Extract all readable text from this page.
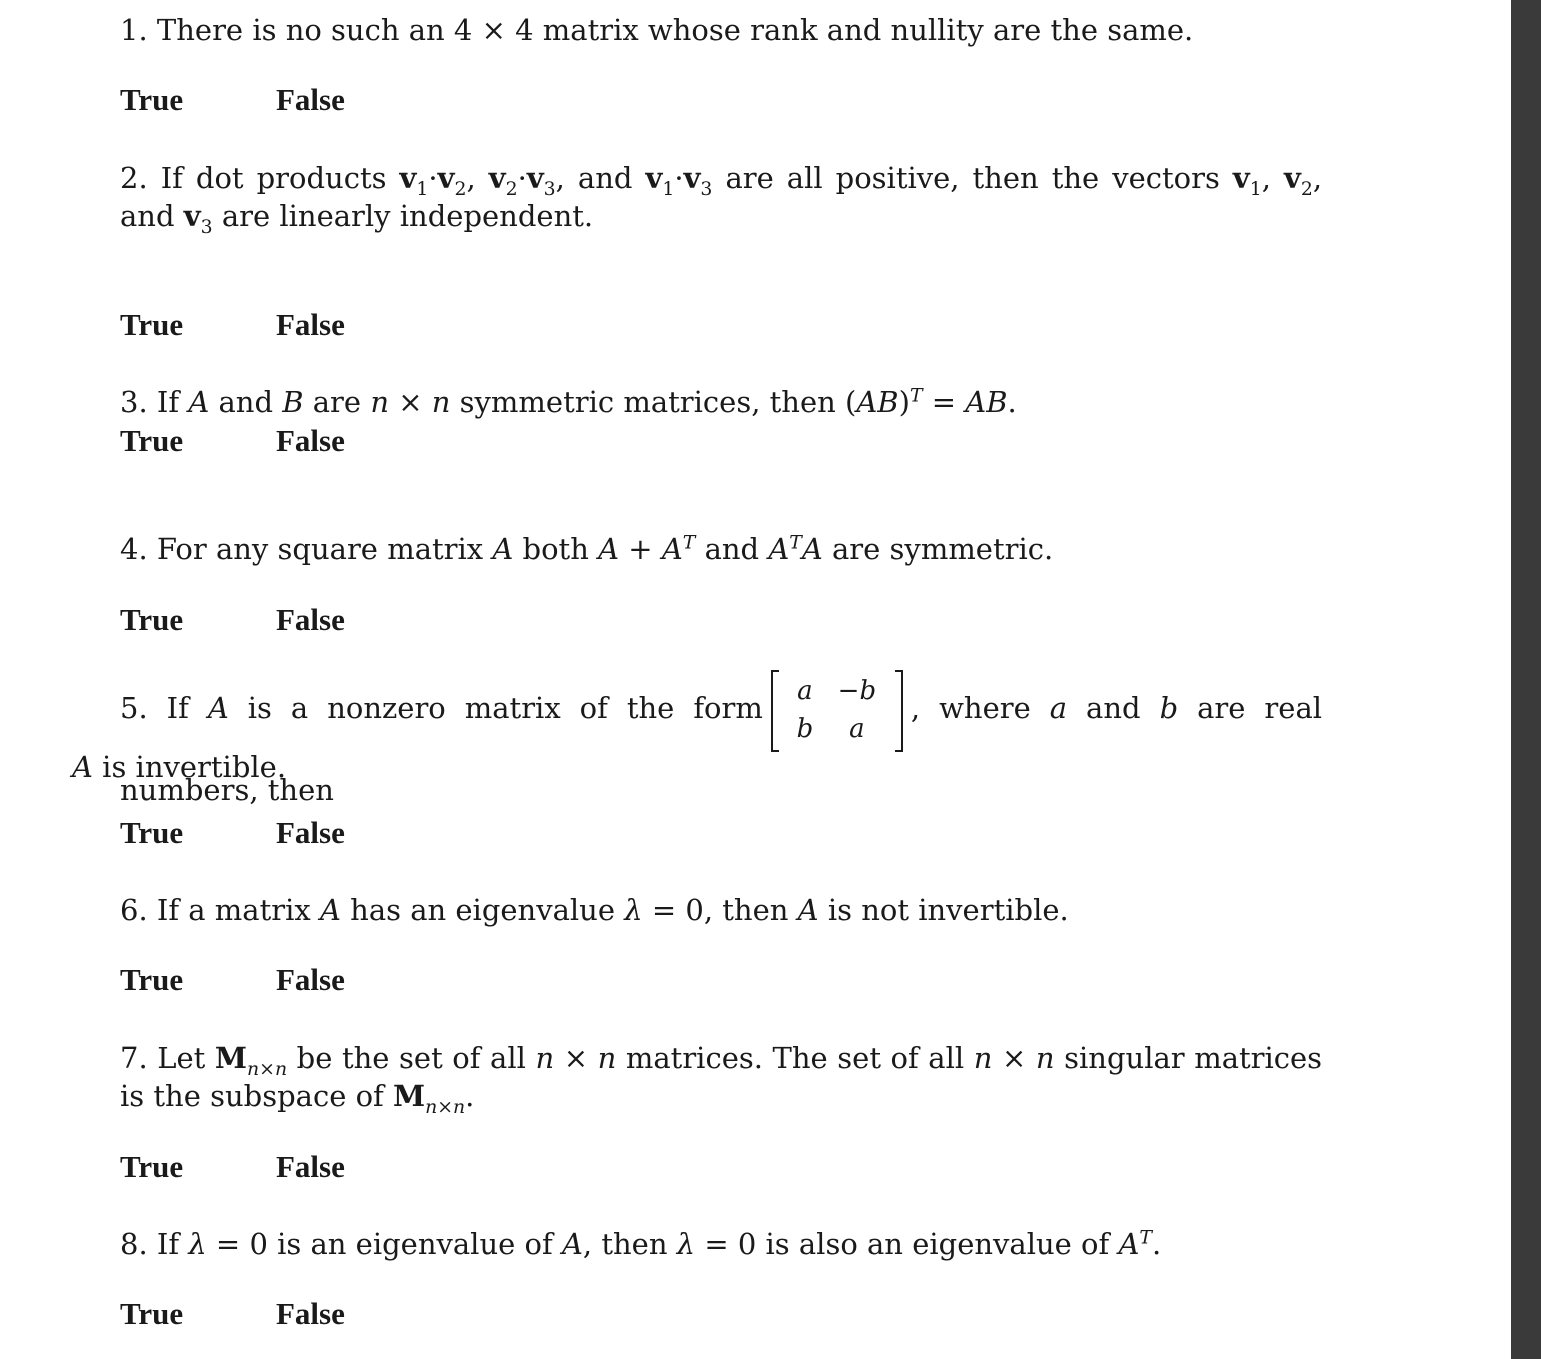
1. There is no such an 4 × 4 matrix whose rank and nullity are the same.
True	False
2. If dot products $v_1\cdot v_2$, $v_2\cdot v_3$, and $v_1\cdot v_3$ are all positive, then the vectors $v_1$, $v_2$, and $v_3$ are linearly independent.
True	False
3. If A and B are n × n symmetric matrices, then (AB)$^T$ = AB.
True	False
4. For any square matrix A both $A + A^T$ and $A^TA$ are symmetric.
True	False
5. If A is a nonzero matrix of the form	a −b
b	a
, where a and b are real numbers, then
A is invertible.
True	False
6. If a matrix A has an eigenvalue λ = 0, then A is not invertible.
True	False
7. Let $M_{n\times n}$ be the set of all n × n matrices. The set of all n × n singular matrices is the subspace of $M_{n\times n}$.
True	False
8. If λ = 0 is an eigenvalue of A, then λ = 0 is also an eigenvalue of $A^T$.
True	False
